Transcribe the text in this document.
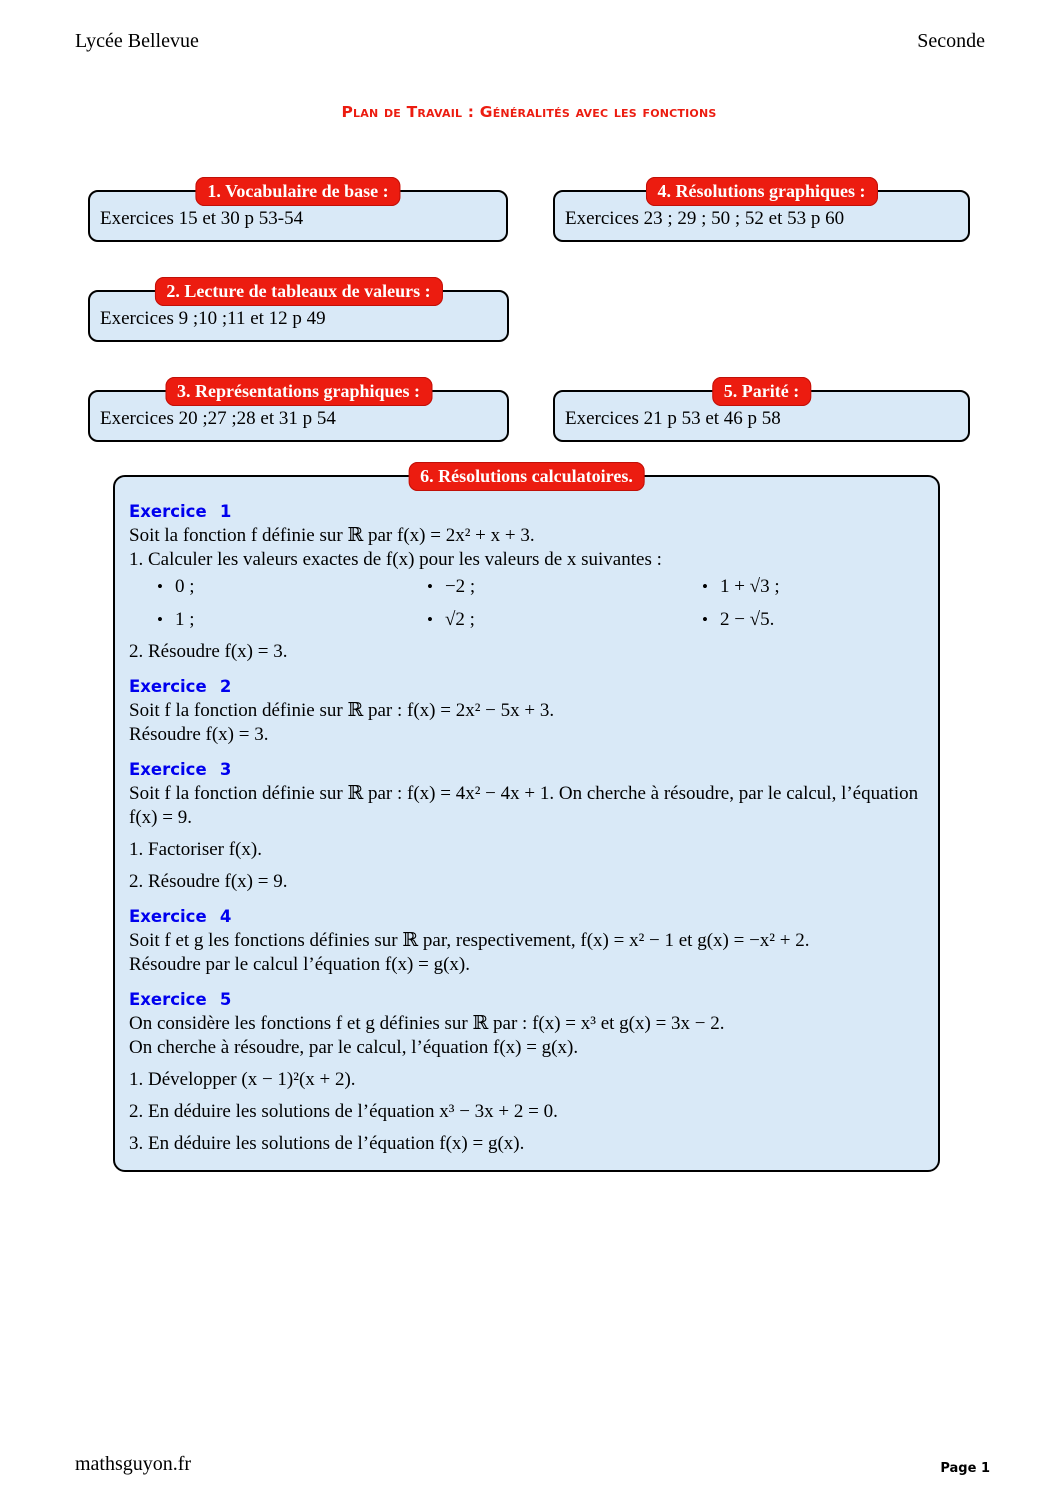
Lycée Bellevue	Seconde
Plan de Travail : Généralités avec les fonctions
1. Vocabulaire de base :
Exercices 15 et 30 p 53-54
4. Résolutions graphiques :
Exercices 23 ; 29 ; 50 ; 52 et 53 p 60
2. Lecture de tableaux de valeurs :
Exercices 9 ;10 ;11 et 12 p 49
3. Représentations graphiques :
Exercices 20 ;27 ;28 et 31 p 54
5. Parité :
Exercices 21 p 53 et 46 p 58
6. Résolutions calculatoires.
Exercice 1
Soit la fonction f définie sur ℝ par f(x) = 2x² + x + 3.
1. Calculer les valeurs exactes de f(x) pour les valeurs de x suivantes :
• 0 ;	• −2 ;	• 1 + √3 ;
• 1 ;	• √2 ;	• 2 − √5.
2. Résoudre f(x) = 3.
Exercice 2
Soit f la fonction définie sur ℝ par : f(x) = 2x² − 5x + 3.
Résoudre f(x) = 3.
Exercice 3
Soit f la fonction définie sur ℝ par : f(x) = 4x² − 4x + 1. On cherche à résoudre, par le calcul, l’équation f(x) = 9.
1. Factoriser f(x).
2. Résoudre f(x) = 9.
Exercice 4
Soit f et g les fonctions définies sur ℝ par, respectivement, f(x) = x² − 1 et g(x) = −x² + 2.
Résoudre par le calcul l’équation f(x) = g(x).
Exercice 5
On considère les fonctions f et g définies sur ℝ par : f(x) = x³ et g(x) = 3x − 2.
On cherche à résoudre, par le calcul, l’équation f(x) = g(x).
1. Développer (x − 1)²(x + 2).
2. En déduire les solutions de l’équation x³ − 3x + 2 = 0.
3. En déduire les solutions de l’équation f(x) = g(x).
mathsguyon.fr	Page 1
